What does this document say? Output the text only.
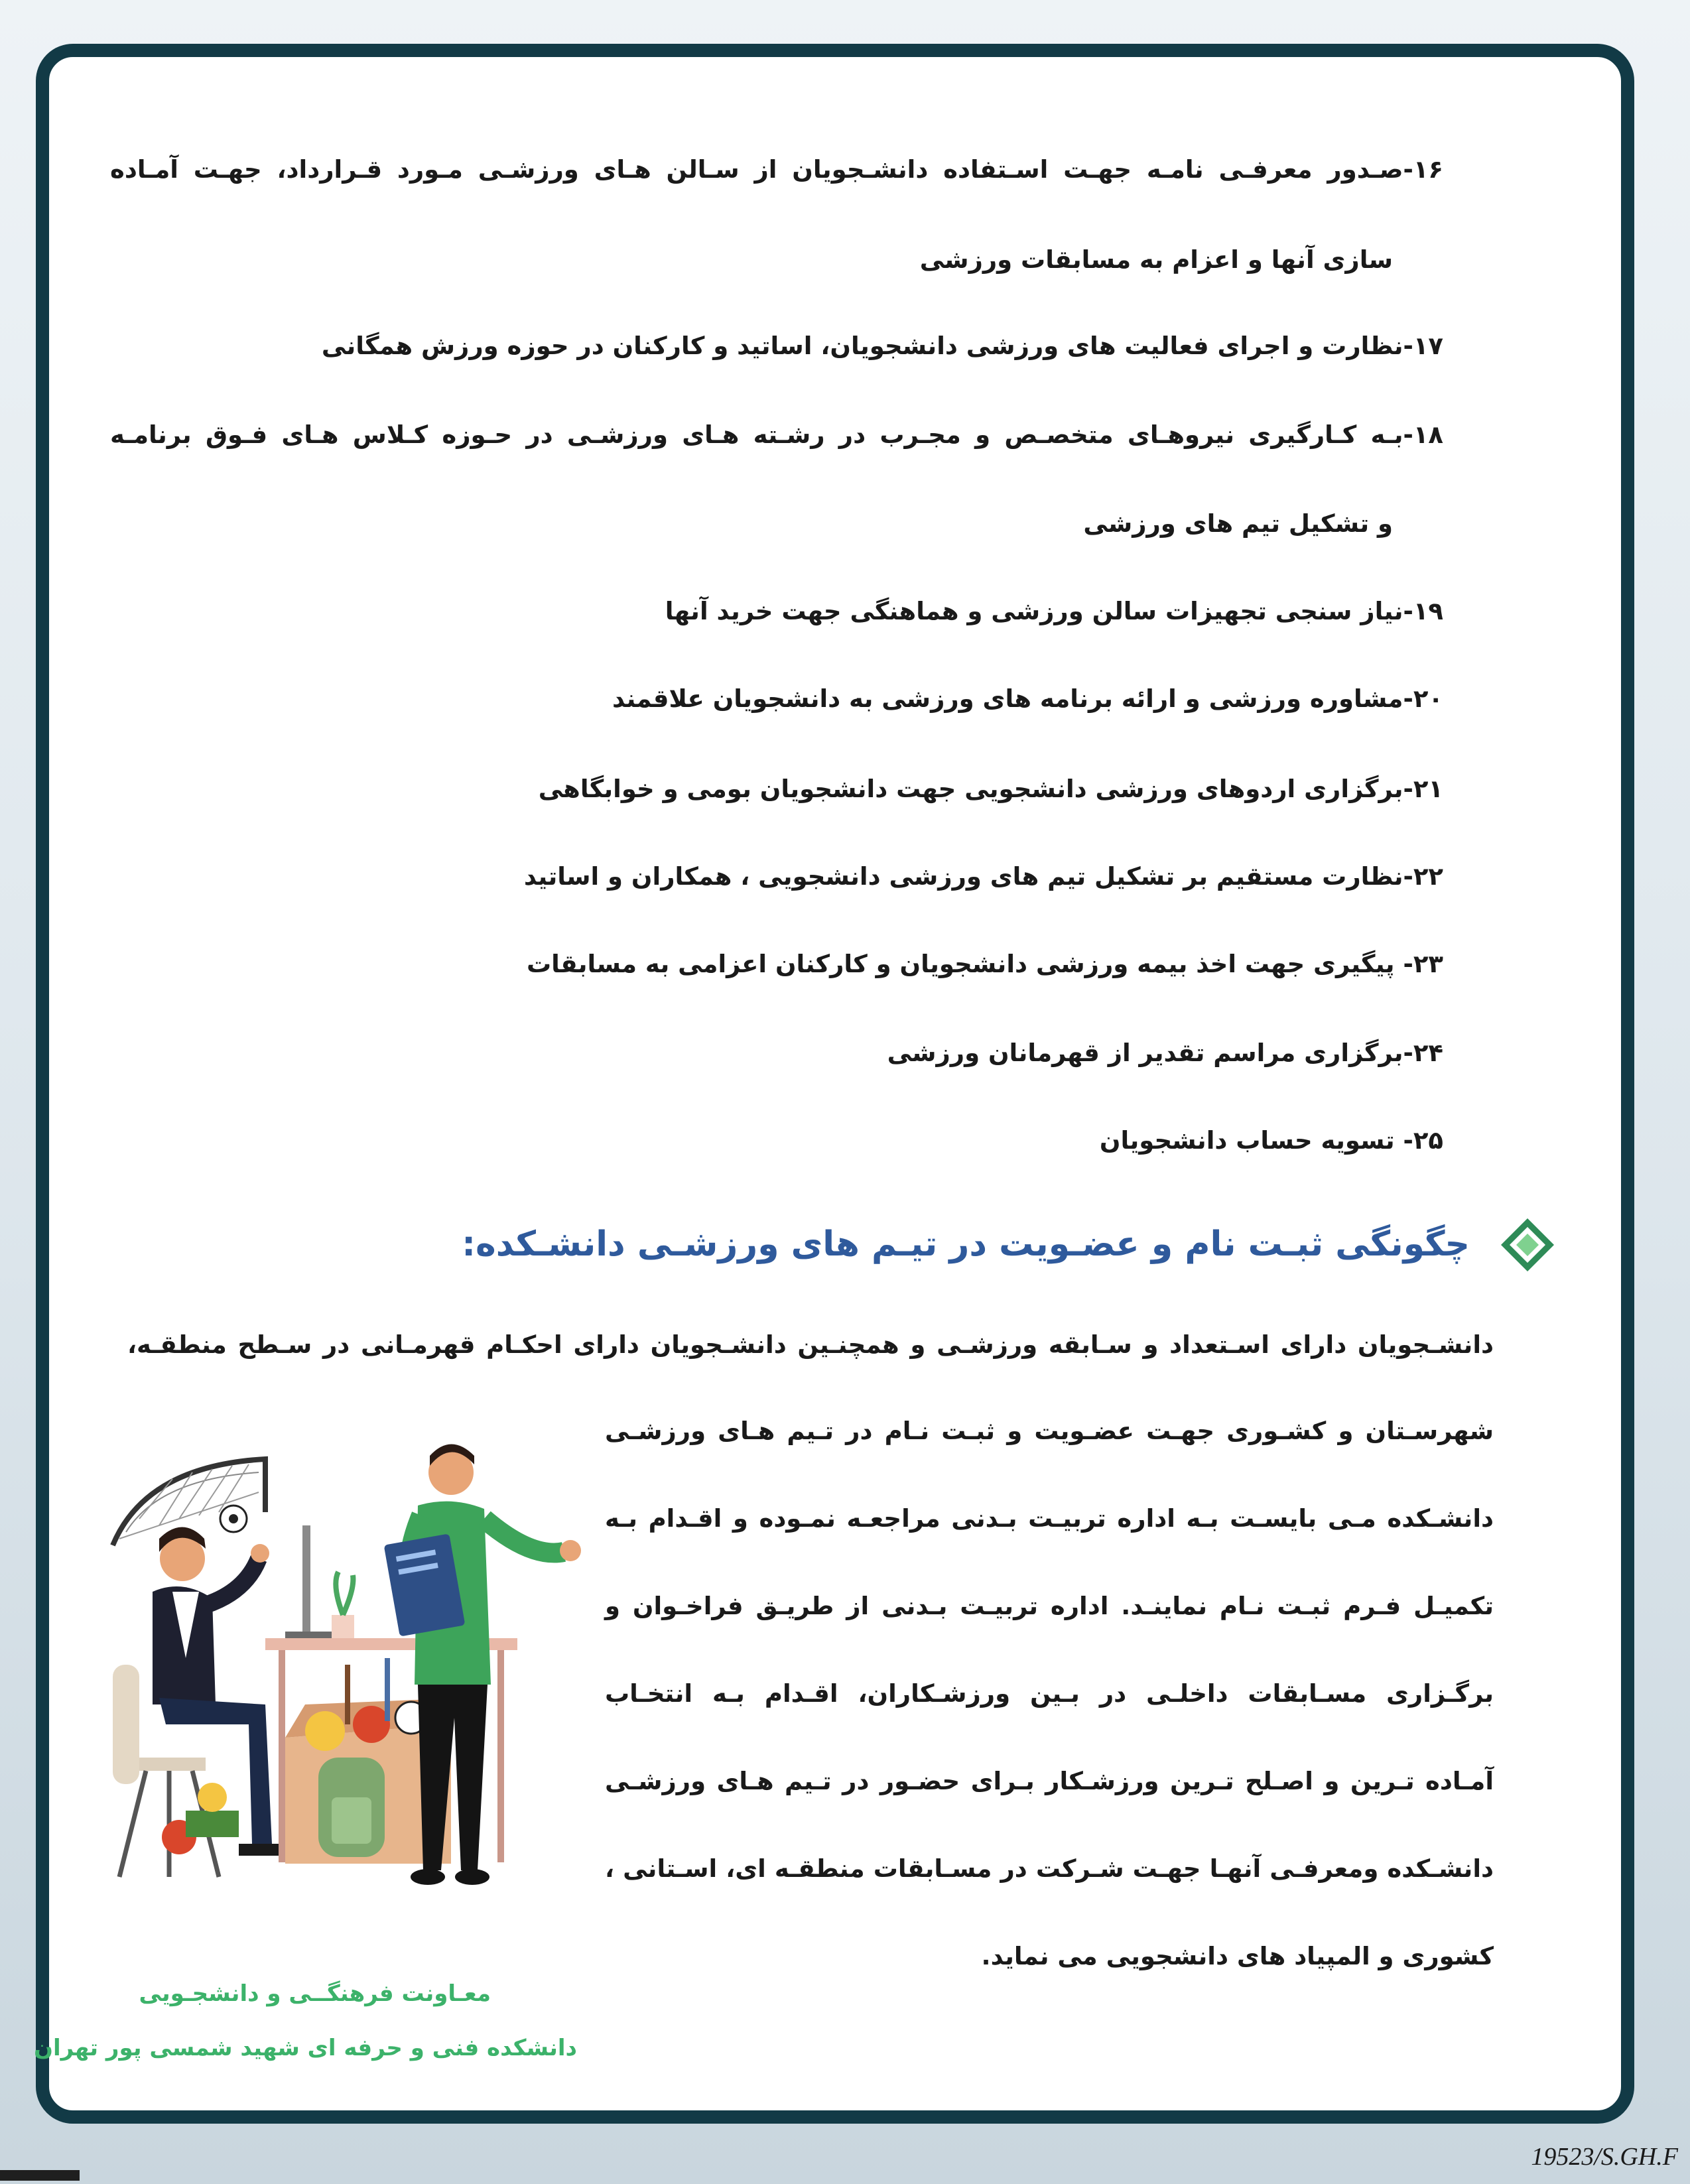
۱۶-صـدور معرفـی نامـه جهـت اسـتفاده دانشـجویان از سـالن هـای ورزشـی مـورد قـرارداد، جهـت آمـاده
سازی آنها و اعزام به مسابقات ورزشی
۱۷-نظارت و اجرای فعالیت های ورزشی دانشجویان، اساتید و کارکنان در حوزه ورزش همگانی
۱۸-بـه کـارگیری نیروهـای متخصـص و مجـرب در رشـته هـای ورزشـی در حـوزه کـلاس هـای فـوق برنامـه
و تشکیل تیم های ورزشی
۱۹-نیاز سنجی تجهیزات سالن ورزشی و هماهنگی جهت خرید آنها
۲۰-مشاوره ورزشی و ارائه برنامه های ورزشی به دانشجویان علاقمند
۲۱-برگزاری اردوهای ورزشی دانشجویی جهت دانشجویان بومی و خوابگاهی
۲۲-نظارت مستقیم بر تشکیل تیم های ورزشی دانشجویی ، همکاران و اساتید
۲۳- پیگیری جهت اخذ بیمه ورزشی دانشجویان و کارکنان اعزامی به مسابقات
۲۴-برگزاری مراسم تقدیر از قهرمانان ورزشی
۲۵- تسویه حساب دانشجویان
چگونگی ثبـت نام و عضـویت در تیـم های ورزشـی دانشـکده:
دانشـجویان دارای اسـتعداد و سـابقه ورزشـی و همچنـین دانشـجویان دارای احکـام قهرمـانی در سـطح منطقـه،
شهرسـتان و کشـوری جهـت عضـویت و ثبـت نـام در تـیم هـای ورزشـی
دانشـکده مـی بایسـت بـه اداره تربیـت بـدنی مراجعـه نمـوده و اقـدام بـه
تکمیـل فـرم ثبـت نـام نماینـد. اداره تربیـت بـدنی از طریـق فراخـوان و
برگـزاری مسـابقات داخلـی در بـین ورزشـکاران، اقـدام بـه انتخـاب
آمـاده تـرین و اصـلح تـرین ورزشـکار بـرای حضـور در تـیم هـای ورزشـی
دانشـکده ومعرفـی آنهـا جهـت شـرکت در مسـابقات منطقـه ای، اسـتانی ،
کشوری و المپیاد های دانشجویی می نماید.
معـاونت فرهنگــی و دانشجـویی
دانشکده فنی و حرفه ای شهید شمسی پور تهران
19523/S.GH.F
